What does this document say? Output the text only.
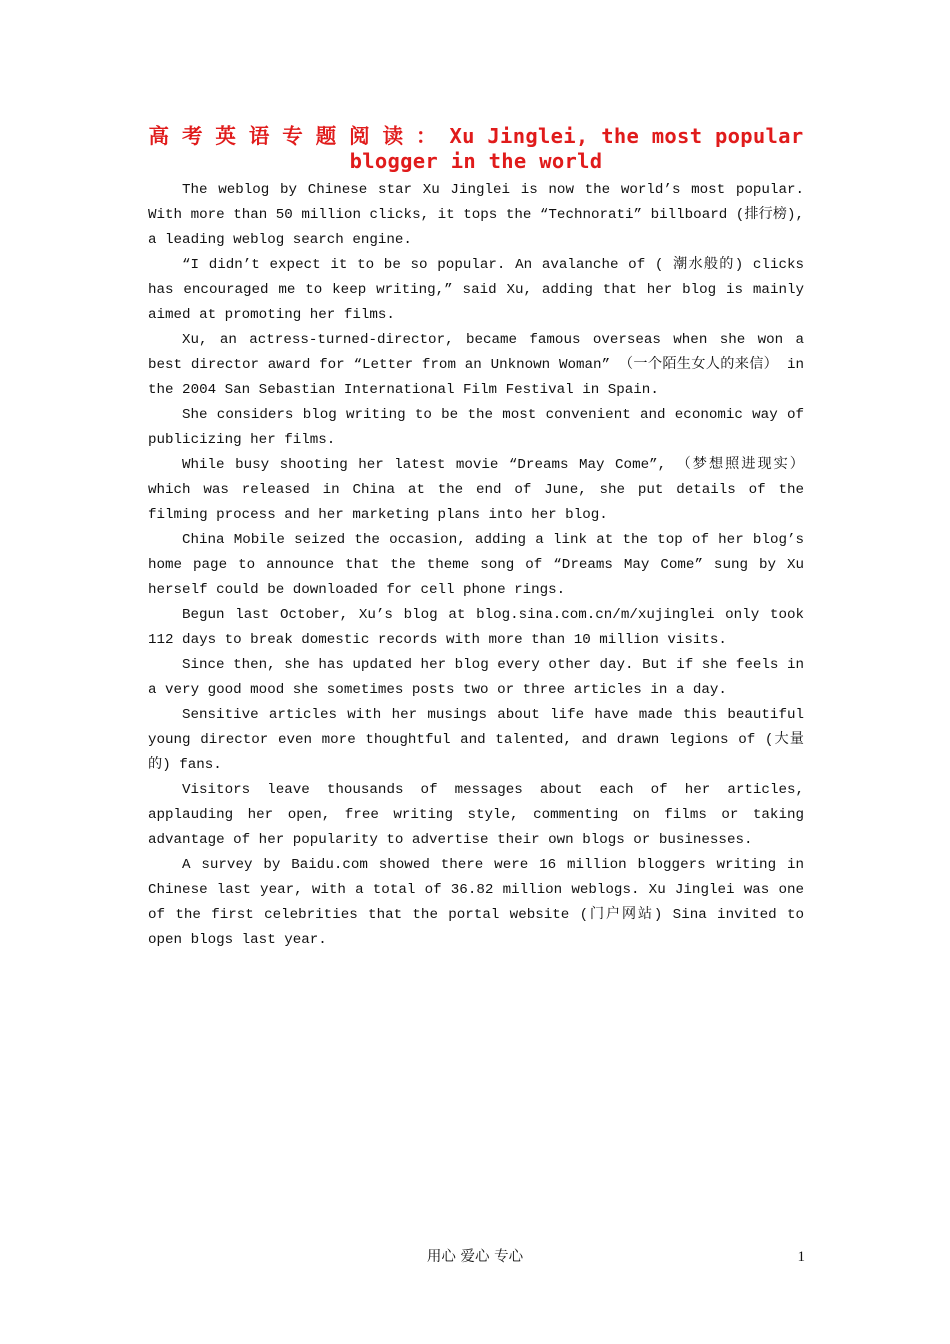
高 考 英 语 专 题 阅 读 ： Xu Jinglei, the most popular blogger in the world

The weblog by Chinese star Xu Jinglei is now the world’s most popular. With more than 50 million clicks, it tops the “Technorati” billboard (排行榜), a leading weblog search engine.

“I didn’t expect it to be so popular. An avalanche of ( 潮水般的) clicks has encouraged me to keep writing,” said Xu, adding that her blog is mainly aimed at promoting her films.

Xu, an actress-turned-director, became famous overseas when she won a best director award for “Letter from an Unknown Woman” （一个陌生女人的来信） in the 2004 San Sebastian International Film Festival in Spain.

She considers blog writing to be the most convenient and economic way of publicizing her films.

While busy shooting her latest movie “Dreams May Come”, （梦想照进现实）which was released in China at the end of June, she put details of the filming process and her marketing plans into her blog.

China Mobile seized the occasion, adding a link at the top of her blog’s home page to announce that the theme song of “Dreams May Come” sung by Xu herself could be downloaded for cell phone rings.

Begun last October, Xu’s blog at blog.sina.com.cn/m/xujinglei only took 112 days to break domestic records with more than 10 million visits.

Since then, she has updated her blog every other day. But if she feels in a very good mood she sometimes posts two or three articles in a day.

Sensitive articles with her musings about life have made this beautiful young director even more thoughtful and talented, and drawn legions of (大量的) fans.

Visitors leave thousands of messages about each of her articles, applauding her open, free writing style, commenting on films or taking advantage of her popularity to advertise their own blogs or businesses.

A survey by Baidu.com showed there were 16 million bloggers writing in Chinese last year, with a total of 36.82 million weblogs. Xu Jinglei was one of the first celebrities that the portal website (门户网站) Sina invited to open blogs last year.

用心 爱心 专心	1
